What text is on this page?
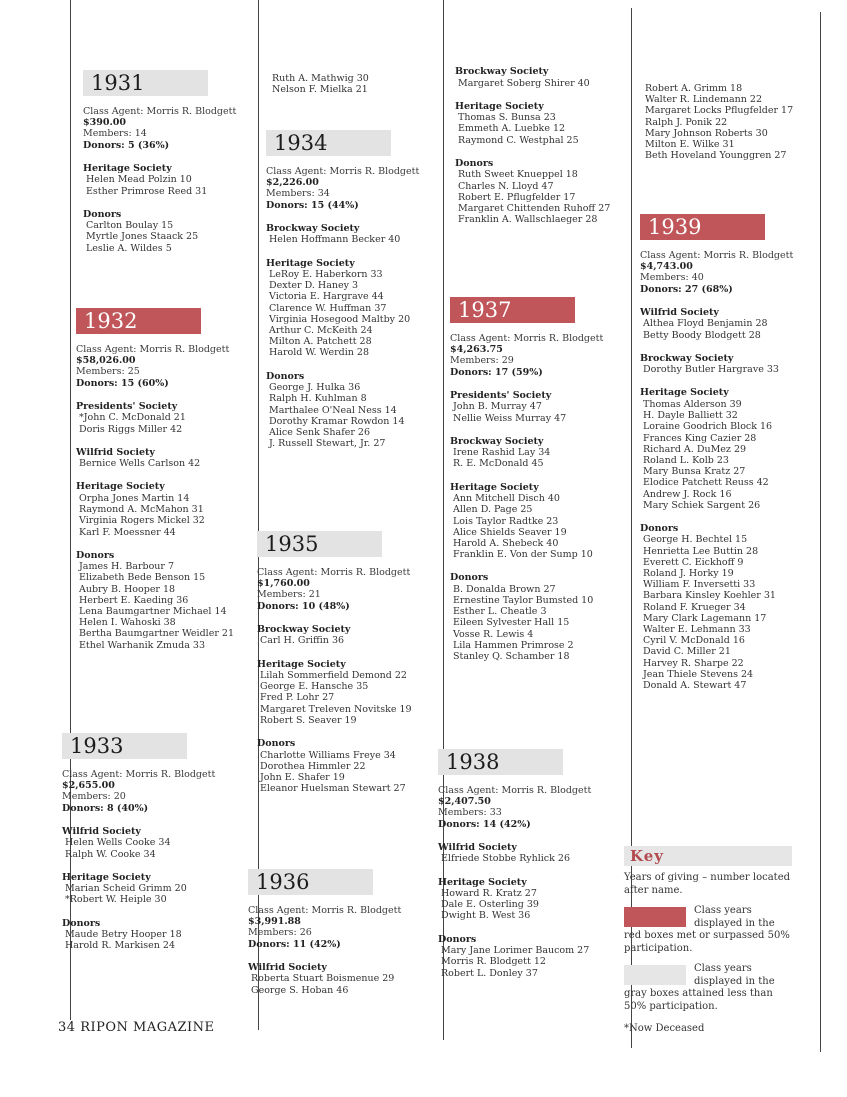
1931
Class Agent: Morris R. Blodgett
$390.00
Members: 14
Donors: 5 (36%)
Heritage Society
Helen Mead Polzin 10
Esther Primrose Reed 31
Donors
Carlton Boulay 15
Myrtle Jones Staack 25
Leslie A. Wildes 5
1932
Class Agent: Morris R. Blodgett
$58,026.00
Members: 25
Donors: 15 (60%)
Presidents' Society
*John C. McDonald 21
Doris Riggs Miller 42
Wilfrid Society
Bernice Wells Carlson 42
Heritage Society
Orpha Jones Martin 14
Raymond A. McMahon 31
Virginia Rogers Mickel 32
Karl F. Moessner 44
Donors
James H. Barbour 7
Elizabeth Bede Benson 15
Aubry B. Hooper 18
Herbert E. Kaeding 36
Lena Baumgartner Michael 14
Helen I. Wahoski 38
Bertha Baumgartner Weidler 21
Ethel Warhanik Zmuda 33
1933
Class Agent: Morris R. Blodgett
$2,655.00
Members: 20
Donors: 8 (40%)
Wilfrid Society
Helen Wells Cooke 34
Ralph W. Cooke 34
Heritage Society
Marian Scheid Grimm 20
*Robert W. Heiple 30
Donors
Maude Betry Hooper 18
Harold R. Markisen 24
Ruth A. Mathwig 30
Nelson F. Mielka 21
1934
Class Agent: Morris R. Blodgett
$2,226.00
Members: 34
Donors: 15 (44%)
Brockway Society
Helen Hoffmann Becker 40
Heritage Society
LeRoy E. Haberkorn 33
Dexter D. Haney 3
Victoria E. Hargrave 44
Clarence W. Huffman 37
Virginia Hosegood Maltby 20
Arthur C. McKeith 24
Milton A. Patchett 28
Harold W. Werdin 28
Donors
George J. Hulka 36
Ralph H. Kuhlman 8
Marthalee O'Neal Ness 14
Dorothy Kramar Rowdon 14
Alice Senk Shafer 26
J. Russell Stewart, Jr. 27
1935
Class Agent: Morris R. Blodgett
$1,760.00
Members: 21
Donors: 10 (48%)
Brockway Society
Carl H. Griffin 36
Heritage Society
Lilah Sommerfield Demond 22
George E. Hansche 35
Fred P. Lohr 27
Margaret Treleven Novitske 19
Robert S. Seaver 19
Donors
Charlotte Williams Freye 34
Dorothea Himmler 22
John E. Shafer 19
Eleanor Huelsman Stewart 27
1936
Class Agent: Morris R. Blodgett
$3,991.88
Members: 26
Donors: 11 (42%)
Wilfrid Society
Roberta Stuart Boismenue 29
George S. Hoban 46
Brockway Society
Margaret Soberg Shirer 40
Heritage Society
Thomas S. Bunsa 23
Emmeth A. Luebke 12
Raymond C. Westphal 25
Donors
Ruth Sweet Knueppel 18
Charles N. Lloyd 47
Robert E. Pflugfelder 17
Margaret Chittenden Ruhoff 27
Franklin A. Wallschlaeger 28
1937
Class Agent: Morris R. Blodgett
$4,263.75
Members: 29
Donors: 17 (59%)
Presidents' Society
John B. Murray 47
Nellie Weiss Murray 47
Brockway Society
Irene Rashid Lay 34
R. E. McDonald 45
Heritage Society
Ann Mitchell Disch 40
Allen D. Page 25
Lois Taylor Radtke 23
Alice Shields Seaver 19
Harold A. Shebeck 40
Franklin E. Von der Sump 10
Donors
B. Donalda Brown 27
Ernestine Taylor Bumsted 10
Esther L. Cheatle 3
Eileen Sylvester Hall 15
Vosse R. Lewis 4
Lila Hammen Primrose 2
Stanley Q. Schamber 18
1938
Class Agent: Morris R. Blodgett
$2,407.50
Members: 33
Donors: 14 (42%)
Wilfrid Society
Elfriede Stobbe Ryhlick 26
Heritage Society
Howard R. Kratz 27
Dale E. Osterling 39
Dwight B. West 36
Donors
Mary Jane Lorimer Baucom 27
Morris R. Blodgett 12
Robert L. Donley 37
Robert A. Grimm 18
Walter R. Lindemann 22
Margaret Locks Pflugfelder 17
Ralph J. Ponik 22
Mary Johnson Roberts 30
Milton E. Wilke 31
Beth Hoveland Younggren 27
1939
Class Agent: Morris R. Blodgett
$4,743.00
Members: 40
Donors: 27 (68%)
Wilfrid Society
Althea Floyd Benjamin 28
Betty Boody Blodgett 28
Brockway Society
Dorothy Butler Hargrave 33
Heritage Society
Thomas Alderson 39
H. Dayle Balliett 32
Loraine Goodrich Block 16
Frances King Cazier 28
Richard A. DuMez 29
Roland L. Kolb 23
Mary Bunsa Kratz 27
Elodice Patchett Reuss 42
Andrew J. Rock 16
Mary Schiek Sargent 26
Donors
George H. Bechtel 15
Henrietta Lee Buttin 28
Everett C. Eickhoff 9
Roland J. Horky 19
William F. Inversetti 33
Barbara Kinsley Koehler 31
Roland F. Krueger 34
Mary Clark Lagemann 17
Walter E. Lehmann 33
Cyril V. McDonald 16
David C. Miller 21
Harvey R. Sharpe 22
Jean Thiele Stevens 24
Donald A. Stewart 47
Key
Years of giving – number located after name.
Class years displayed in the red boxes met or surpassed 50% participation.
Class years displayed in the gray boxes attained less than 50% participation.
*Now Deceased
34 RIPON MAGAZINE
